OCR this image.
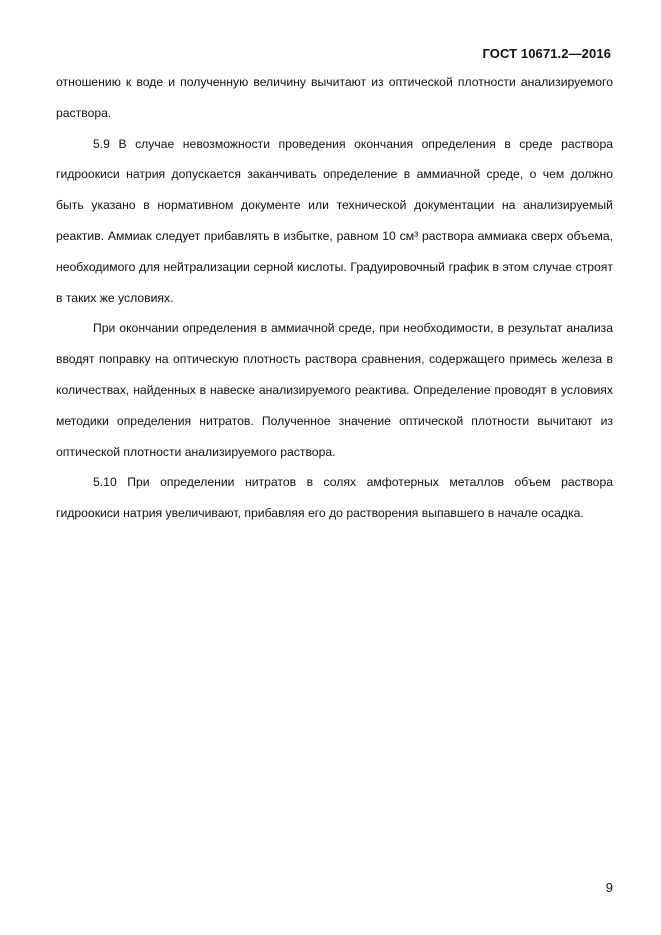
ГОСТ 10671.2—2016

отношению к воде и полученную величину вычитают из оптической плотности анализируемого раствора.

5.9 В случае невозможности проведения окончания определения в среде раствора гидроокиси натрия допускается заканчивать определение в аммиачной среде, о чем должно быть указано в нормативном документе или технической документации на анализируемый реактив. Аммиак следует прибавлять в избытке, равном 10 см³ раствора аммиака сверх объема, необходимого для нейтрализации серной кислоты. Градуировочный график в этом случае строят в таких же условиях.

При окончании определения в аммиачной среде, при необходимости, в результат анализа вводят поправку на оптическую плотность раствора сравнения, содержащего примесь железа в количествах, найденных в навеске анализируемого реактива. Определение проводят в условиях методики определения нитратов. Полученное значение оптической плотности вычитают из оптической плотности анализируемого раствора.

5.10 При определении нитратов в солях амфотерных металлов объем раствора гидроокиси натрия увеличивают, прибавляя его до растворения выпавшего в начале осадка.

9
